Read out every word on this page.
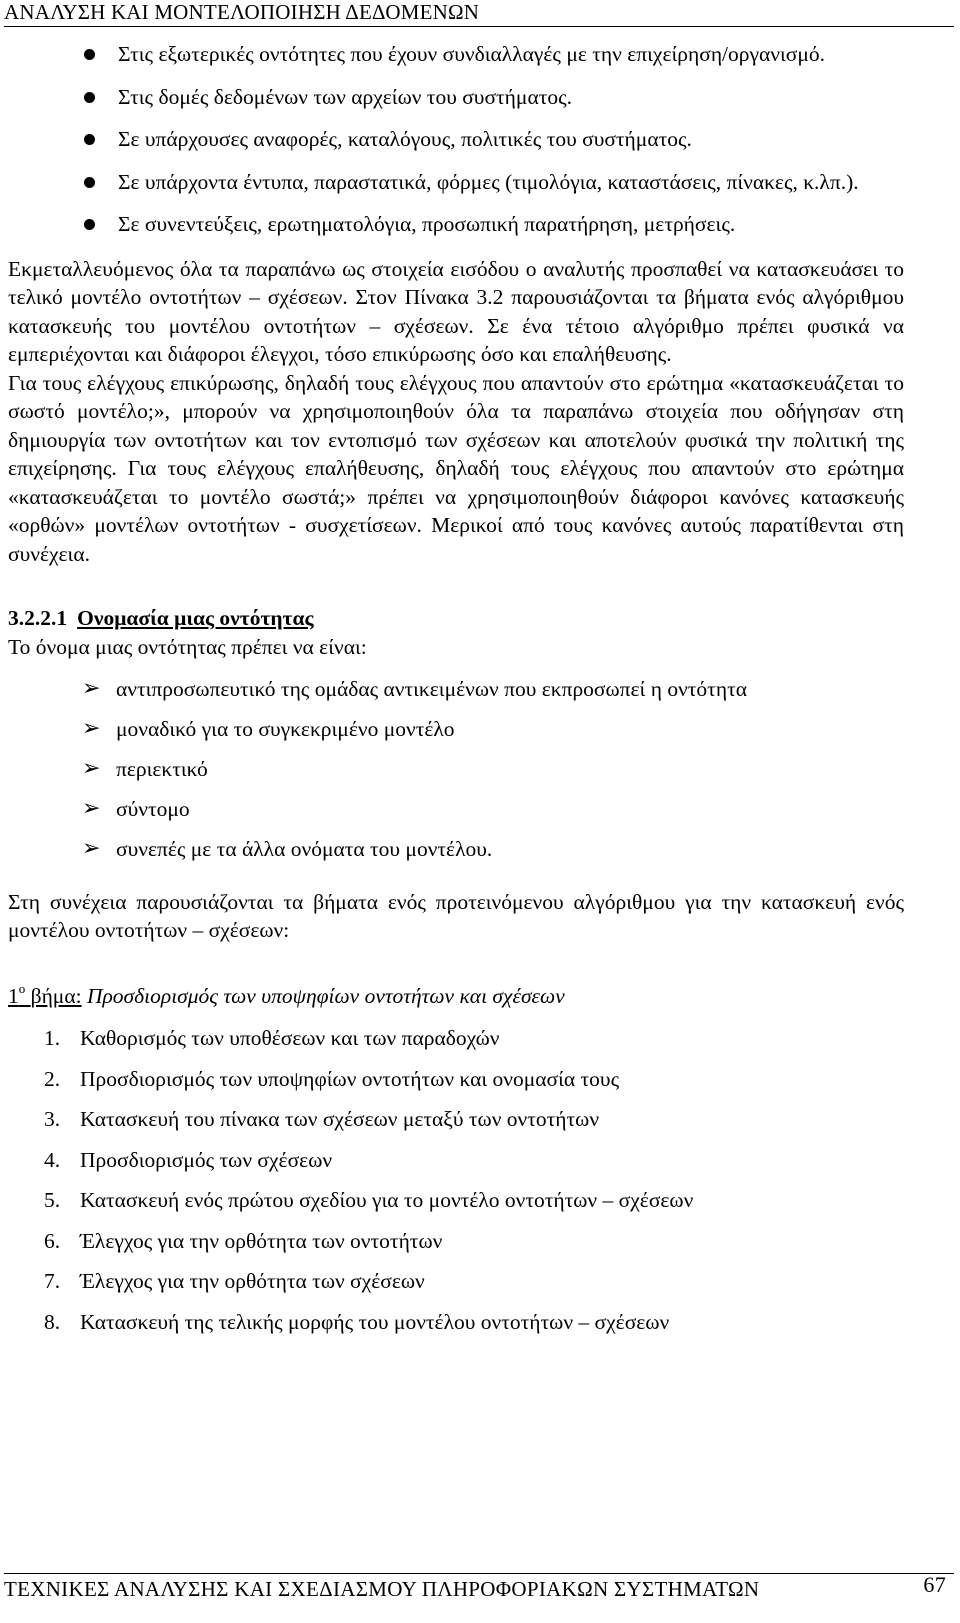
ΑΝΑΛΥΣΗ ΚΑΙ ΜΟΝΤΕΛΟΠΟΙΗΣΗ ΔΕΔΟΜΕΝΩΝ
Στις εξωτερικές οντότητες που έχουν συνδιαλλαγές με την επιχείρηση/οργανισμό.
Στις δομές δεδομένων των αρχείων του συστήματος.
Σε υπάρχουσες αναφορές, καταλόγους, πολιτικές του συστήματος.
Σε υπάρχοντα έντυπα, παραστατικά, φόρμες (τιμολόγια, καταστάσεις, πίνακες, κ.λπ.).
Σε συνεντεύξεις, ερωτηματολόγια, προσωπική παρατήρηση, μετρήσεις.

Εκμεταλλευόμενος όλα τα παραπάνω ως στοιχεία εισόδου ο αναλυτής προσπαθεί να κατασκευάσει το τελικό μοντέλο οντοτήτων – σχέσεων. Στον Πίνακα 3.2 παρουσιάζονται τα βήματα ενός αλγόριθμου κατασκευής του μοντέλου οντοτήτων – σχέσεων. Σε ένα τέτοιο αλγόριθμο πρέπει φυσικά να εμπεριέχονται και διάφοροι έλεγχοι, τόσο επικύρωσης όσο και επαλήθευσης.

Για τους ελέγχους επικύρωσης, δηλαδή τους ελέγχους που απαντούν στο ερώτημα «κατασκευάζεται το σωστό μοντέλο;», μπορούν να χρησιμοποιηθούν όλα τα παραπάνω στοιχεία που οδήγησαν στη δημιουργία των οντοτήτων και τον εντοπισμό των σχέσεων και αποτελούν φυσικά την πολιτική της επιχείρησης. Για τους ελέγχους επαλήθευσης, δηλαδή τους ελέγχους που απαντούν στο ερώτημα «κατασκευάζεται το μοντέλο σωστά;» πρέπει να χρησιμοποιηθούν διάφοροι κανόνες κατασκευής «ορθών» μοντέλων οντοτήτων - συσχετίσεων. Μερικοί από τους κανόνες αυτούς παρατίθενται στη συνέχεια.

3.2.2.1 Ονομασία μιας οντότητας

Το όνομα μιας οντότητας πρέπει να είναι:

➢ αντιπροσωπευτικό της ομάδας αντικειμένων που εκπροσωπεί η οντότητα
➢ μοναδικό για το συγκεκριμένο μοντέλο
➢ περιεκτικό
➢ σύντομο
➢ συνεπές με τα άλλα ονόματα του μοντέλου.

Στη συνέχεια παρουσιάζονται τα βήματα ενός προτεινόμενου αλγόριθμου για την κατασκευή ενός μοντέλου οντοτήτων – σχέσεων:

$1^o$ βήμα: Προσδιορισμός των υποψηφίων οντοτήτων και σχέσεων
1. Καθορισμός των υποθέσεων και των παραδοχών
2. Προσδιορισμός των υποψηφίων οντοτήτων και ονομασία τους
3. Κατασκευή του πίνακα των σχέσεων μεταξύ των οντοτήτων
4. Προσδιορισμός των σχέσεων
5. Κατασκευή ενός πρώτου σχεδίου για το μοντέλο οντοτήτων – σχέσεων
6. Έλεγχος για την ορθότητα των οντοτήτων
7. Έλεγχος για την ορθότητα των σχέσεων
8. Κατασκευή της τελικής μορφής του μοντέλου οντοτήτων – σχέσεων
ΤΕΧΝΙΚΕΣ ΑΝΑΛΥΣΗΣ ΚΑΙ ΣΧΕΔΙΑΣΜΟΥ ΠΛΗΡΟΦΟΡΙΑΚΩΝ ΣΥΣΤΗΜΑΤΩΝ	67
